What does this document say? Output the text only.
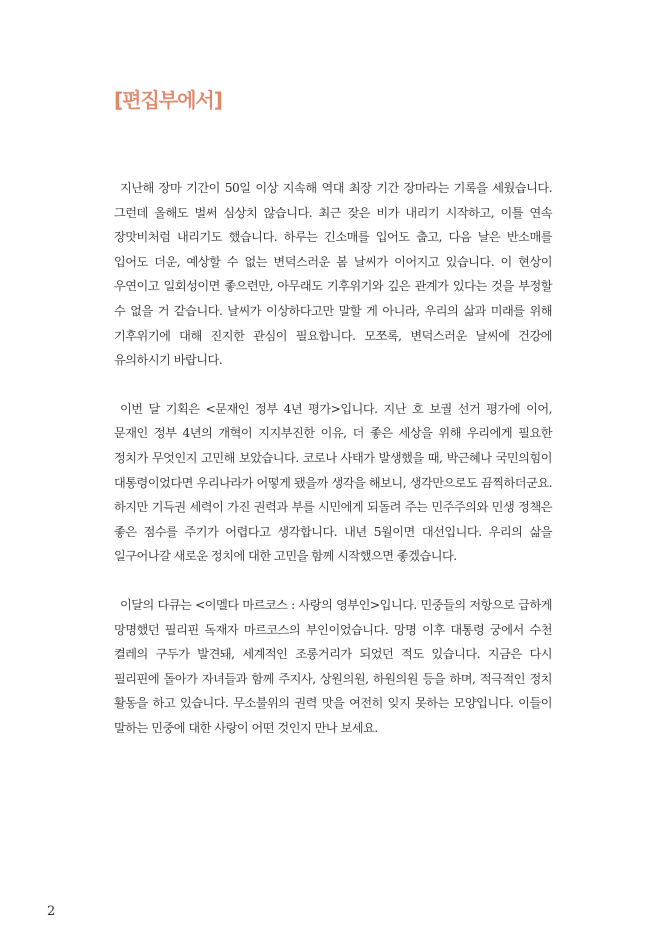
[편집부에서]

지난해 장마 기간이 50일 이상 지속해 역대 최장 기간 장마라는 기록을 세웠습니다. 그런데 올해도 벌써 심상치 않습니다. 최근 잦은 비가 내리기 시작하고, 이틀 연속 장맛비처럼 내리기도 했습니다. 하루는 긴소매를 입어도 춥고, 다음 날은 반소매를 입어도 더운, 예상할 수 없는 변덕스러운 봄 날씨가 이어지고 있습니다. 이 현상이 우연이고 일회성이면 좋으련만, 아무래도 기후위기와 깊은 관계가 있다는 것을 부정할 수 없을 거 같습니다. 날씨가 이상하다고만 말할 게 아니라, 우리의 삶과 미래를 위해 기후위기에 대해 진지한 관심이 필요합니다. 모쪼록, 변덕스러운 날씨에 건강에 유의하시기 바랍니다.

이번 달 기획은 <문재인 정부 4년 평가>입니다. 지난 호 보궐 선거 평가에 이어, 문재인 정부 4년의 개혁이 지지부진한 이유, 더 좋은 세상을 위해 우리에게 필요한 정치가 무엇인지 고민해 보았습니다. 코로나 사태가 발생했을 때, 박근혜나 국민의힘이 대통령이었다면 우리나라가 어떻게 됐을까 생각을 해보니, 생각만으로도 끔찍하더군요. 하지만 기득권 세력이 가진 권력과 부를 시민에게 되돌려 주는 민주주의와 민생 정책은 좋은 점수를 주기가 어렵다고 생각합니다. 내년 5월이면 대선입니다. 우리의 삶을 일구어나갈 새로운 정치에 대한 고민을 함께 시작했으면 좋겠습니다.

이달의 다큐는 <이멜다 마르코스 : 사랑의 영부인>입니다. 민중들의 저항으로 급하게 망명했던 필리핀 독재자 마르코스의 부인이었습니다. 망명 이후 대통령 궁에서 수천 켤레의 구두가 발견돼, 세계적인 조롱거리가 되었던 적도 있습니다. 지금은 다시 필리핀에 돌아가 자녀들과 함께 주지사, 상원의원, 하원의원 등을 하며, 적극적인 정치 활동을 하고 있습니다. 무소불위의 권력 맛을 여전히 잊지 못하는 모양입니다. 이들이 말하는 민중에 대한 사랑이 어떤 것인지 만나 보세요.

2
